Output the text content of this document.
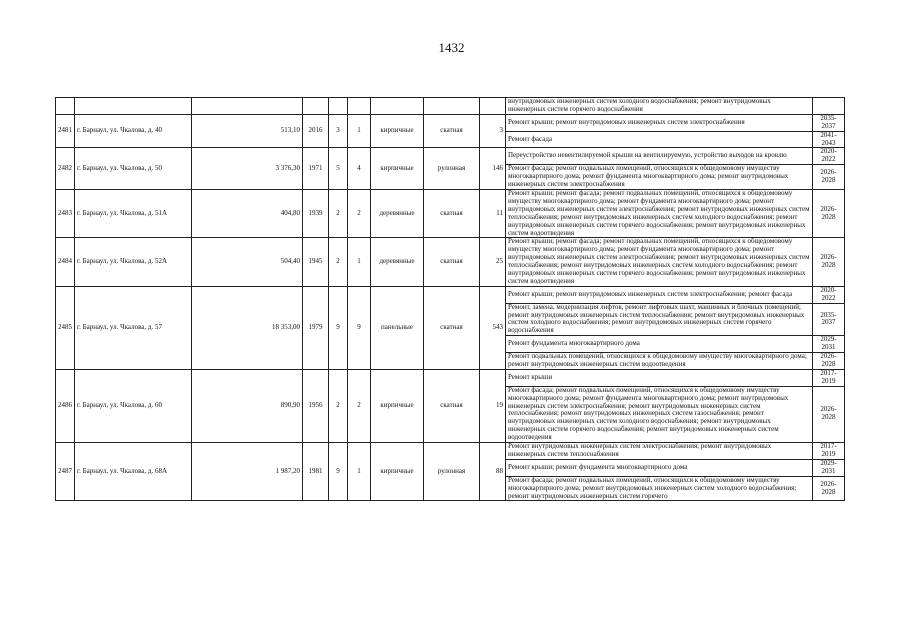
1432
									внутридомовых инженерных систем холодного водоснабжения; ремонт внутридомовых инженерных систем горячего водоснабжения	
2481	г. Барнаул, ул. Чкалова, д. 40	513,10	2016	3	1	кирпичные	скатная	3	Ремонт крыши; ремонт внутридомовых инженерных систем электроснабжения	2035-2037
									Ремонт фасада	2041-2043
2482	г. Барнаул, ул. Чкалова, д. 50	3 376,30	1971	5	4	кирпичные	рулонная	146	Переустройство невентилируемой крыши на вентилируемую, устройство выходов на кровлю	2020-2022
									Ремонт фасада; ремонт подвальных помещений, относящихся к общедомовому имуществу многоквартирного дома; ремонт фундамента многоквартирного дома; ремонт внутридомовых инженерных систем электроснабжения	2026-2028
2483	г. Барнаул, ул. Чкалова, д. 51А	404,80	1939	2	2	деревянные	скатная	11	Ремонт крыши; ремонт фасада; ремонт подвальных помещений, относящихся к общедомовому имуществу многоквартирного дома; ремонт фундамента многоквартирного дома; ремонт внутридомовых инженерных систем электроснабжения; ремонт внутридомовых инженерных систем теплоснабжения; ремонт внутридомовых инженерных систем холодного водоснабжения; ремонт внутридомовых инженерных систем горячего водоснабжения; ремонт внутридомовых инженерных систем водоотведения	2026-2028
2484	г. Барнаул, ул. Чкалова, д. 52А	504,40	1945	2	1	деревянные	скатная	25	Ремонт крыши; ремонт фасада; ремонт подвальных помещений, относящихся к общедомовому имуществу многоквартирного дома; ремонт фундамента многоквартирного дома; ремонт внутридомовых инженерных систем электроснабжения; ремонт внутридомовых инженерных систем теплоснабжения; ремонт внутридомовых инженерных систем холодного водоснабжения; ремонт внутридомовых инженерных систем горячего водоснабжения; ремонт внутридомовых инженерных систем водоотведения	2026-2028
2485	г. Барнаул, ул. Чкалова, д. 57	18 353,00	1979	9	9	панельные	скатная	543	Ремонт крыши; ремонт внутридомовых инженерных систем электроснабжения; ремонт фасада	2020-2022
									Ремонт, замена, модернизация лифтов, ремонт лифтовых шахт, машинных и блочных помещений; ремонт внутридомовых инженерных систем теплоснабжения; ремонт внутридомовых инженерных систем холодного водоснабжения; ремонт внутридомовых инженерных систем горячего водоснабжения	2035-2037
									Ремонт фундамента многоквартирного дома	2029-2031
									Ремонт подвальных помещений, относящихся к общедомовому имуществу многоквартирного дома; ремонт внутридомовых инженерных систем водоотведения	2026-2028
2486	г. Барнаул, ул. Чкалова, д. 60	890,90	1956	2	2	кирпичные	скатная	19	Ремонт крыши	2017-2019
									Ремонт фасада; ремонт подвальных помещений, относящихся к общедомовому имуществу многоквартирного дома; ремонт фундамента многоквартирного дома; ремонт внутридомовых инженерных систем электроснабжения; ремонт внутридомовых инженерных систем теплоснабжения; ремонт внутридомовых инженерных систем газоснабжения; ремонт внутридомовых инженерных систем холодного водоснабжения; ремонт внутридомовых инженерных систем горячего водоснабжения; ремонт внутридомовых инженерных систем водоотведения	2026-2028
2487	г. Барнаул, ул. Чкалова, д. 68А	1 987,20	1981	9	1	кирпичные	рулонная	88	Ремонт внутридомовых инженерных систем электроснабжения; ремонт внутридомовых инженерных систем теплоснабжения	2017-2019
									Ремонт крыши; ремонт фундамента многоквартирного дома	2029-2031
									Ремонт фасада; ремонт подвальных помещений, относящихся к общедомовому имуществу многоквартирного дома; ремонт внутридомовых инженерных систем холодного водоснабжения; ремонт внутридомовых инженерных систем горячего	2026-2028
